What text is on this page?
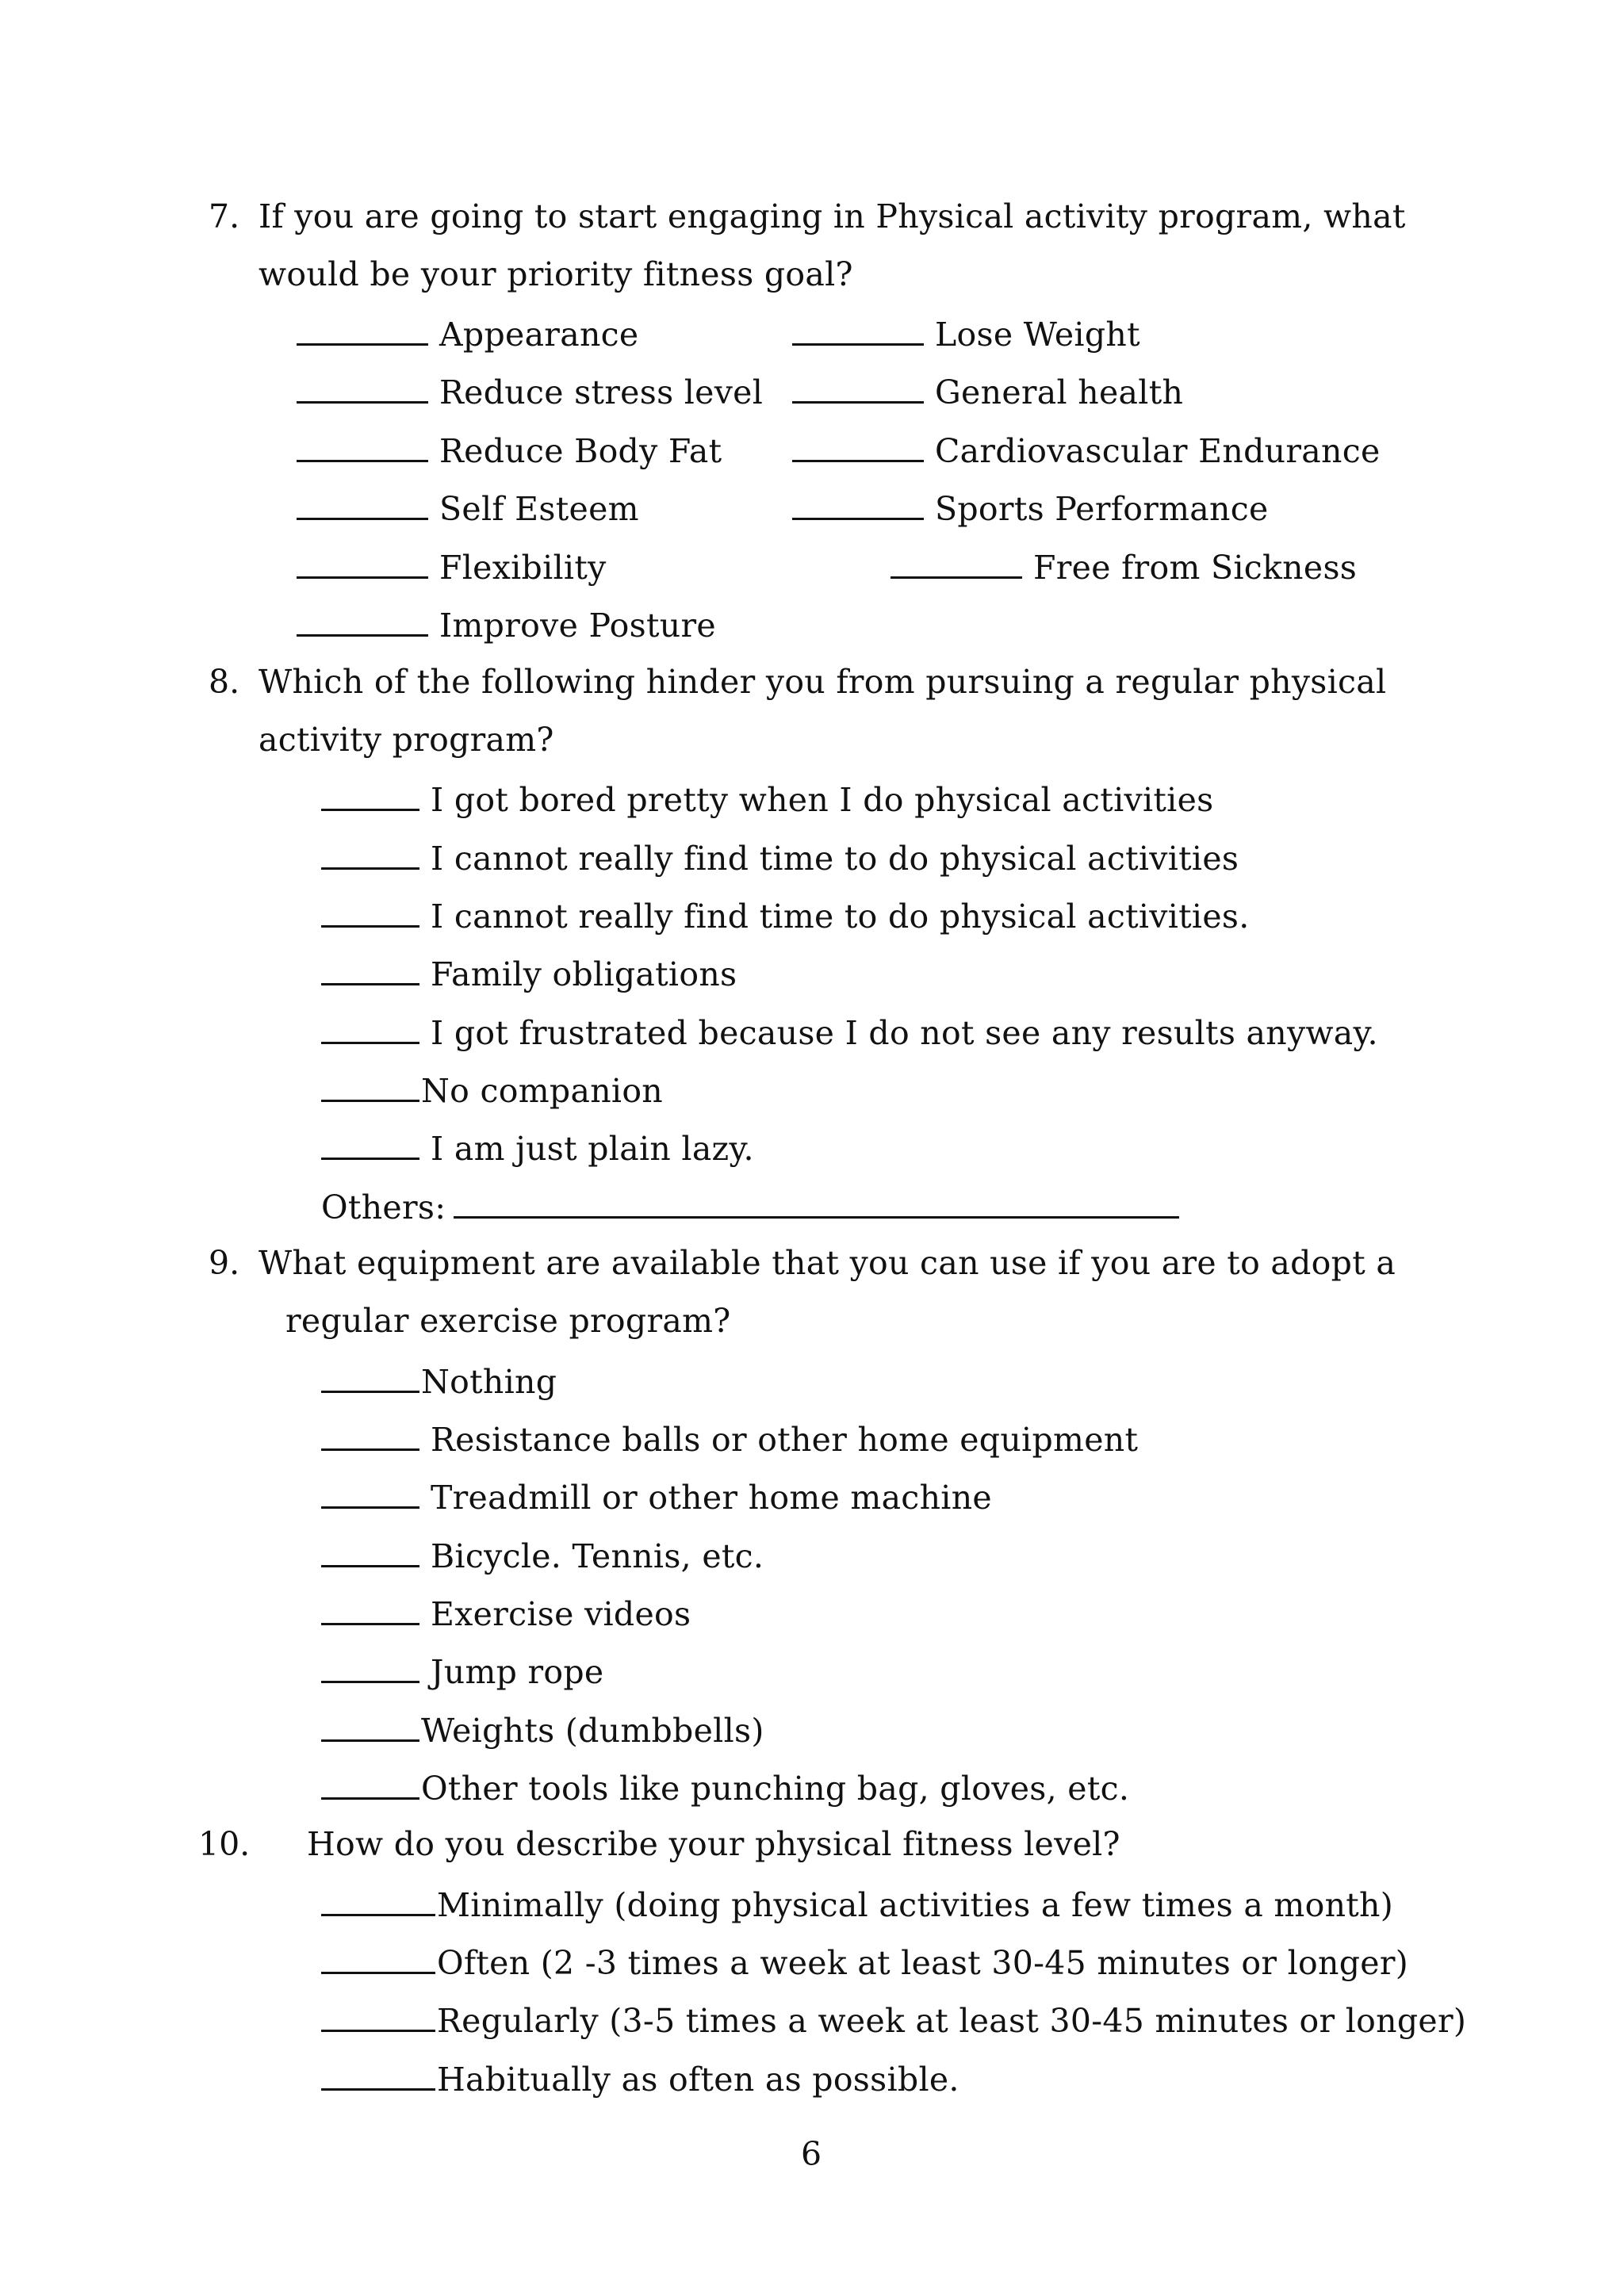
7. If you are going to start engaging in Physical activity program, what
would be your priority fitness goal?
Appearance
Reduce stress level
Reduce Body Fat
Self Esteem
Flexibility
Improve Posture
Lose Weight
General health
Cardiovascular Endurance
Sports Performance
Free from Sickness
8. Which of the following hinder you from pursuing a regular physical
activity program?
I got bored pretty when I do physical activities
I cannot really find time to do physical activities
I cannot really find time to do physical activities.
Family obligations
I got frustrated because I do not see any results anyway.
No companion
I am just plain lazy.
Others:
9. What equipment are available that you can use if you are to adopt a
regular exercise program?
Nothing
Resistance balls or other home equipment
Treadmill or other home machine
Bicycle. Tennis, etc.
Exercise videos
Jump rope
Weights (dumbbells)
Other tools like punching bag, gloves, etc.
10. How do you describe your physical fitness level?
Minimally (doing physical activities a few times a month)
Often (2 -3 times a week at least 30-45 minutes or longer)
Regularly (3-5 times a week at least 30-45 minutes or longer)
Habitually as often as possible.
6
